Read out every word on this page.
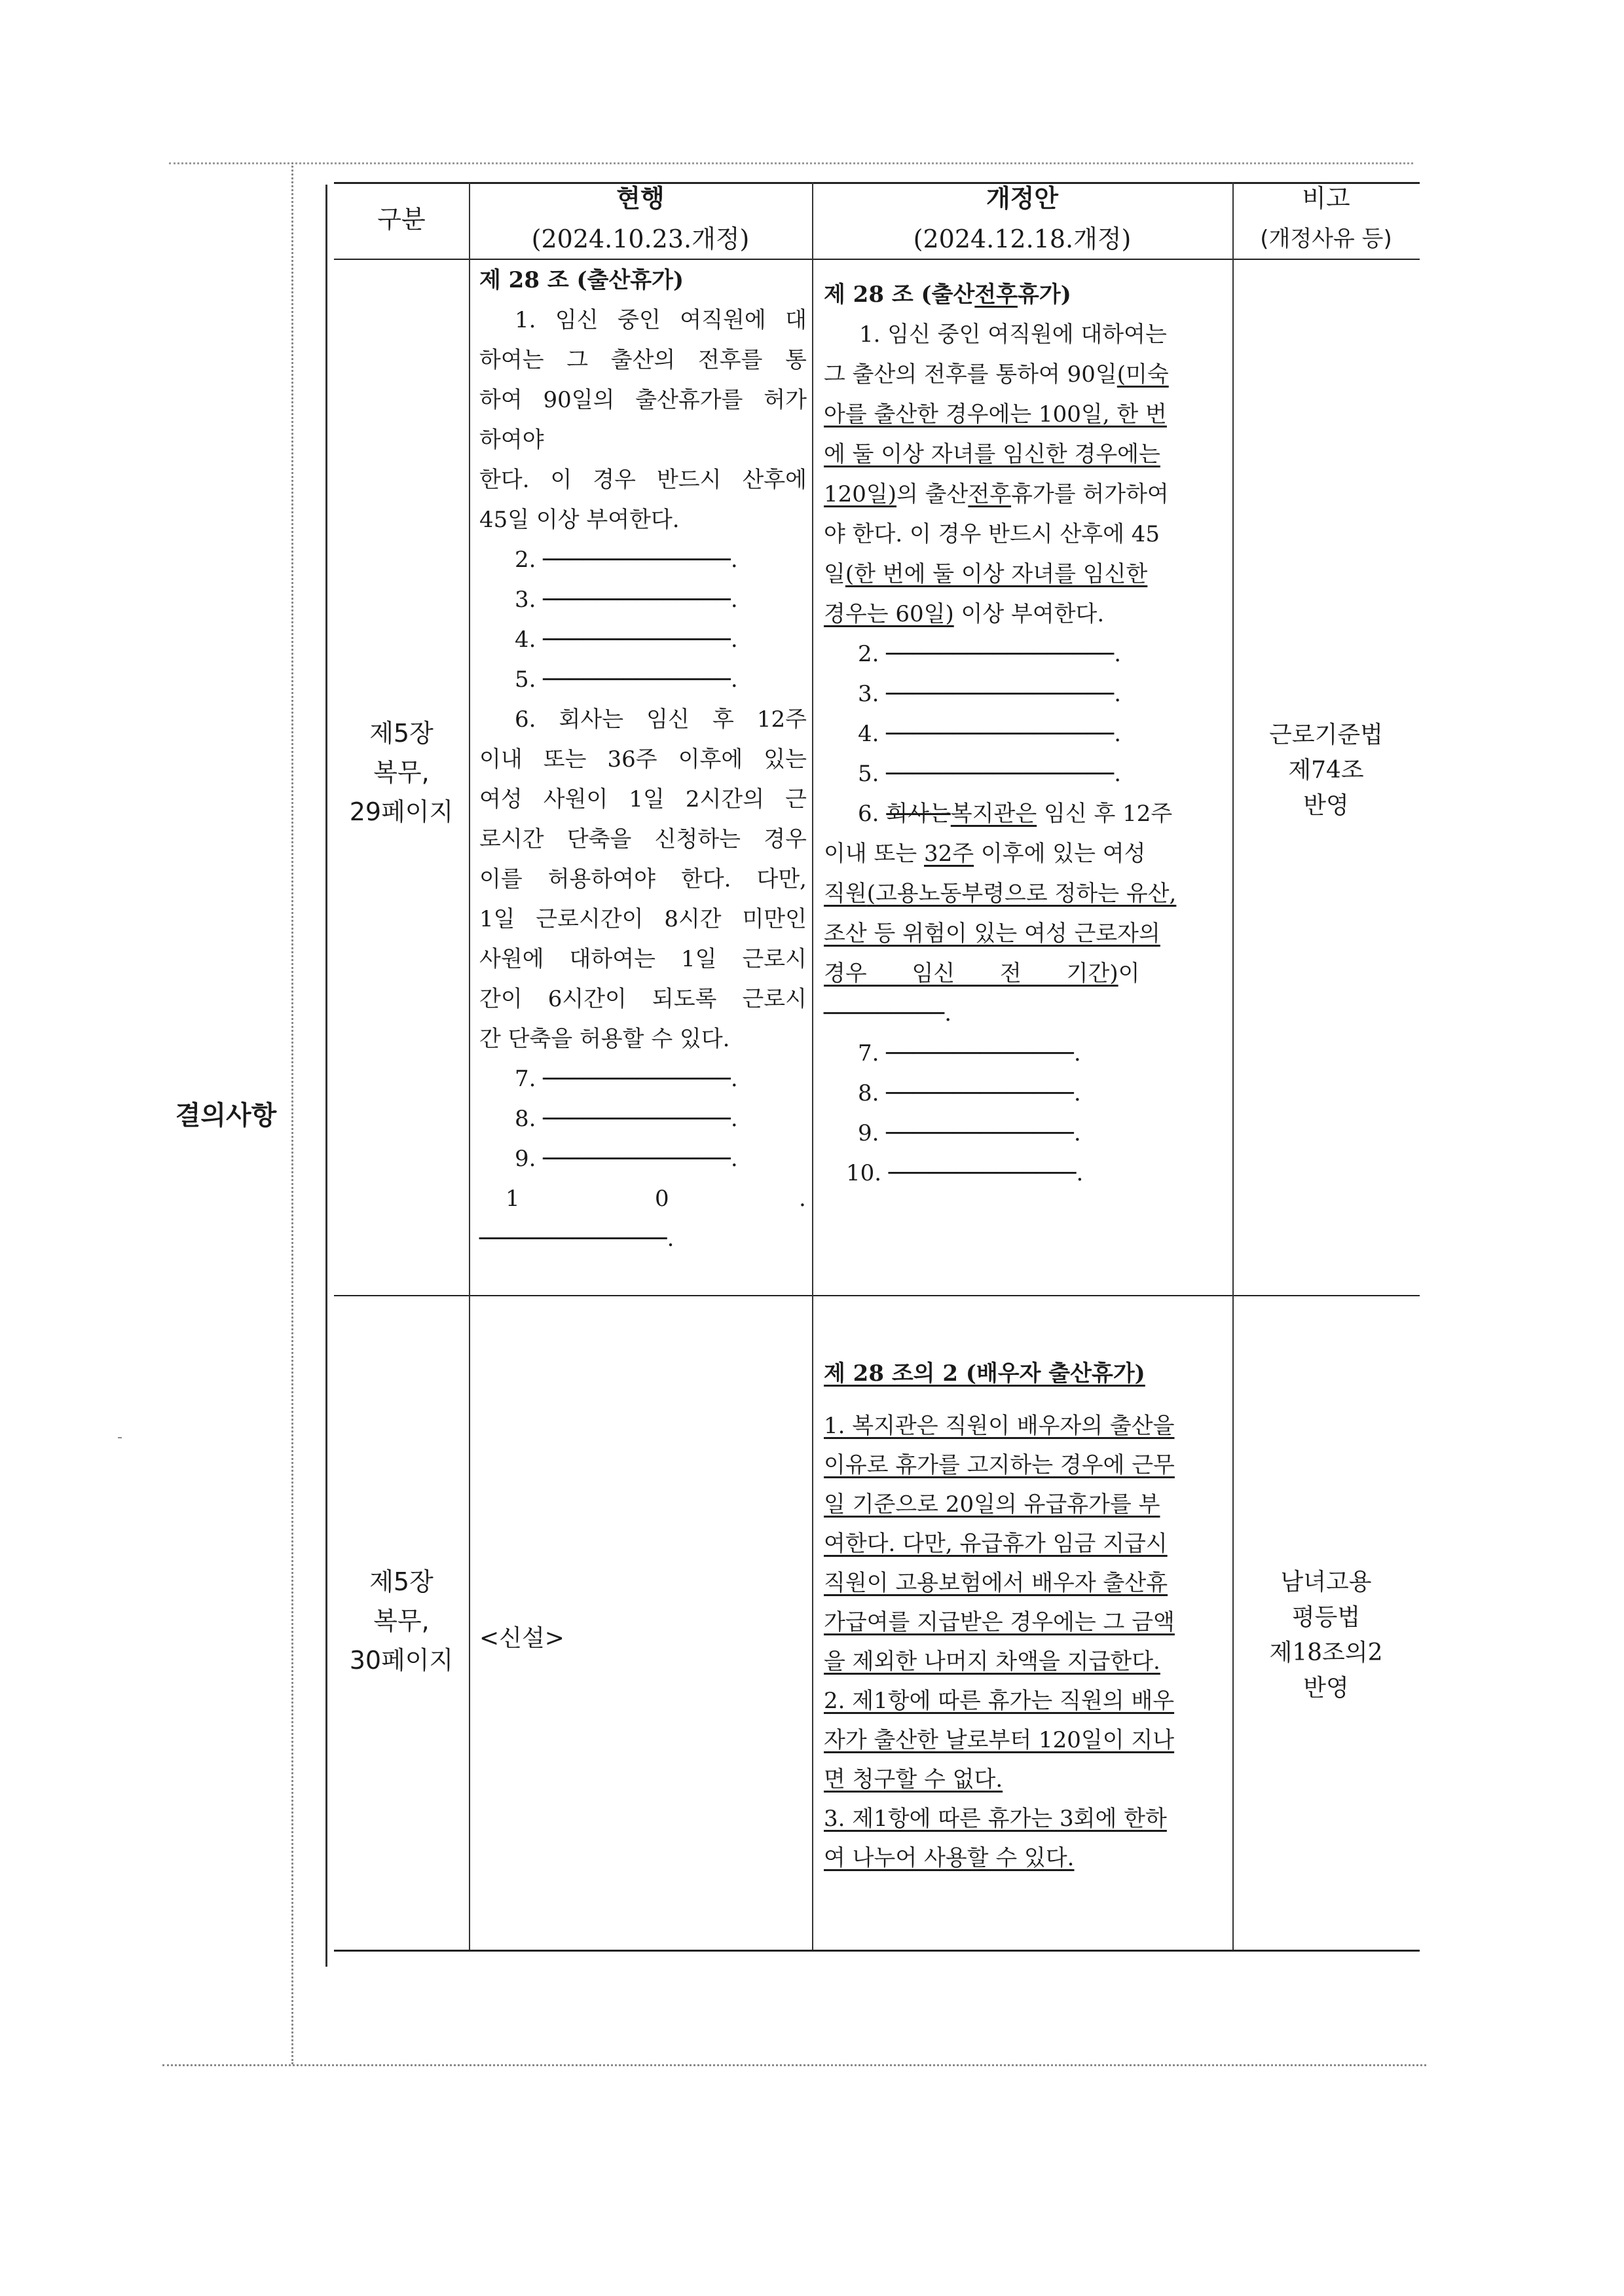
결의사항
구분
현행
(2024.10.23.개정)
개정안
(2024.12.18.개정)
비고
(개정사유 등)
제5장
복무,
29페이지

제 28 조 (출산휴가)

1. 임신 중인 여직원에 대

하여는 그 출산의 전후를 통

하여 90일의 출산휴가를 허가

하여야

한다. 이 경우 반드시 산후에

45일 이상 부여한다.

2. ──────────────.

3. ──────────────.

4. ──────────────.

5. ──────────────.

6. 회사는 임신 후 12주

이내 또는 36주 이후에 있는

여성 사원이 1일 2시간의 근

로시간 단축을 신청하는 경우

이를 허용하여야 한다. 다만,

1일 근로시간이 8시간 미만인

사원에 대하여는 1일 근로시

간이 6시간이 되도록 근로시

간 단축을 허용할 수 있다.

7. ──────────────.

8. ──────────────.

9. ──────────────.

1	0	.

──────────────.

제 28 조 (출산전후휴가)

1. 임신 중인 여직원에 대하여는

그 출산의 전후를 통하여 90일(미숙

아를 출산한 경우에는 100일, 한 번

에 둘 이상 자녀를 임신한 경우에는

120일)의 출산전후휴가를 허가하여

야 한다. 이 경우 반드시 산후에 45

일(한 번에 둘 이상 자녀를 임신한

경우는 60일) 이상 부여한다.

2. ─────────────────.

3. ─────────────────.

4. ─────────────────.

5. ─────────────────.

6. 회사는복지관은 임신 후 12주

이내 또는 32주 이후에 있는 여성

직원(고용노동부령으로 정하는 유산,

조산 등 위험이 있는 여성 근로자의

경우 임신 전 기간)이

─────────.

7. ──────────────.

8. ──────────────.

9. ──────────────.

10. ──────────────.

근로기준법
제74조
반영
제5장
복무,
30페이지
<신설>

제 28 조의 2 (배우자 출산휴가)

1. 복지관은 직원이 배우자의 출산을

이유로 휴가를 고지하는 경우에 근무

일 기준으로 20일의 유급휴가를 부

여한다. 다만, 유급휴가 임금 지급시

직원이 고용보험에서 배우자 출산휴

가급여를 지급받은 경우에는 그 금액

을 제외한 나머지 차액을 지급한다.

2. 제1항에 따른 휴가는 직원의 배우

자가 출산한 날로부터 120일이 지나

면 청구할 수 없다.

3. 제1항에 따른 휴가는 3회에 한하

여 나누어 사용할 수 있다.

남녀고용
평등법
제18조의2
반영
